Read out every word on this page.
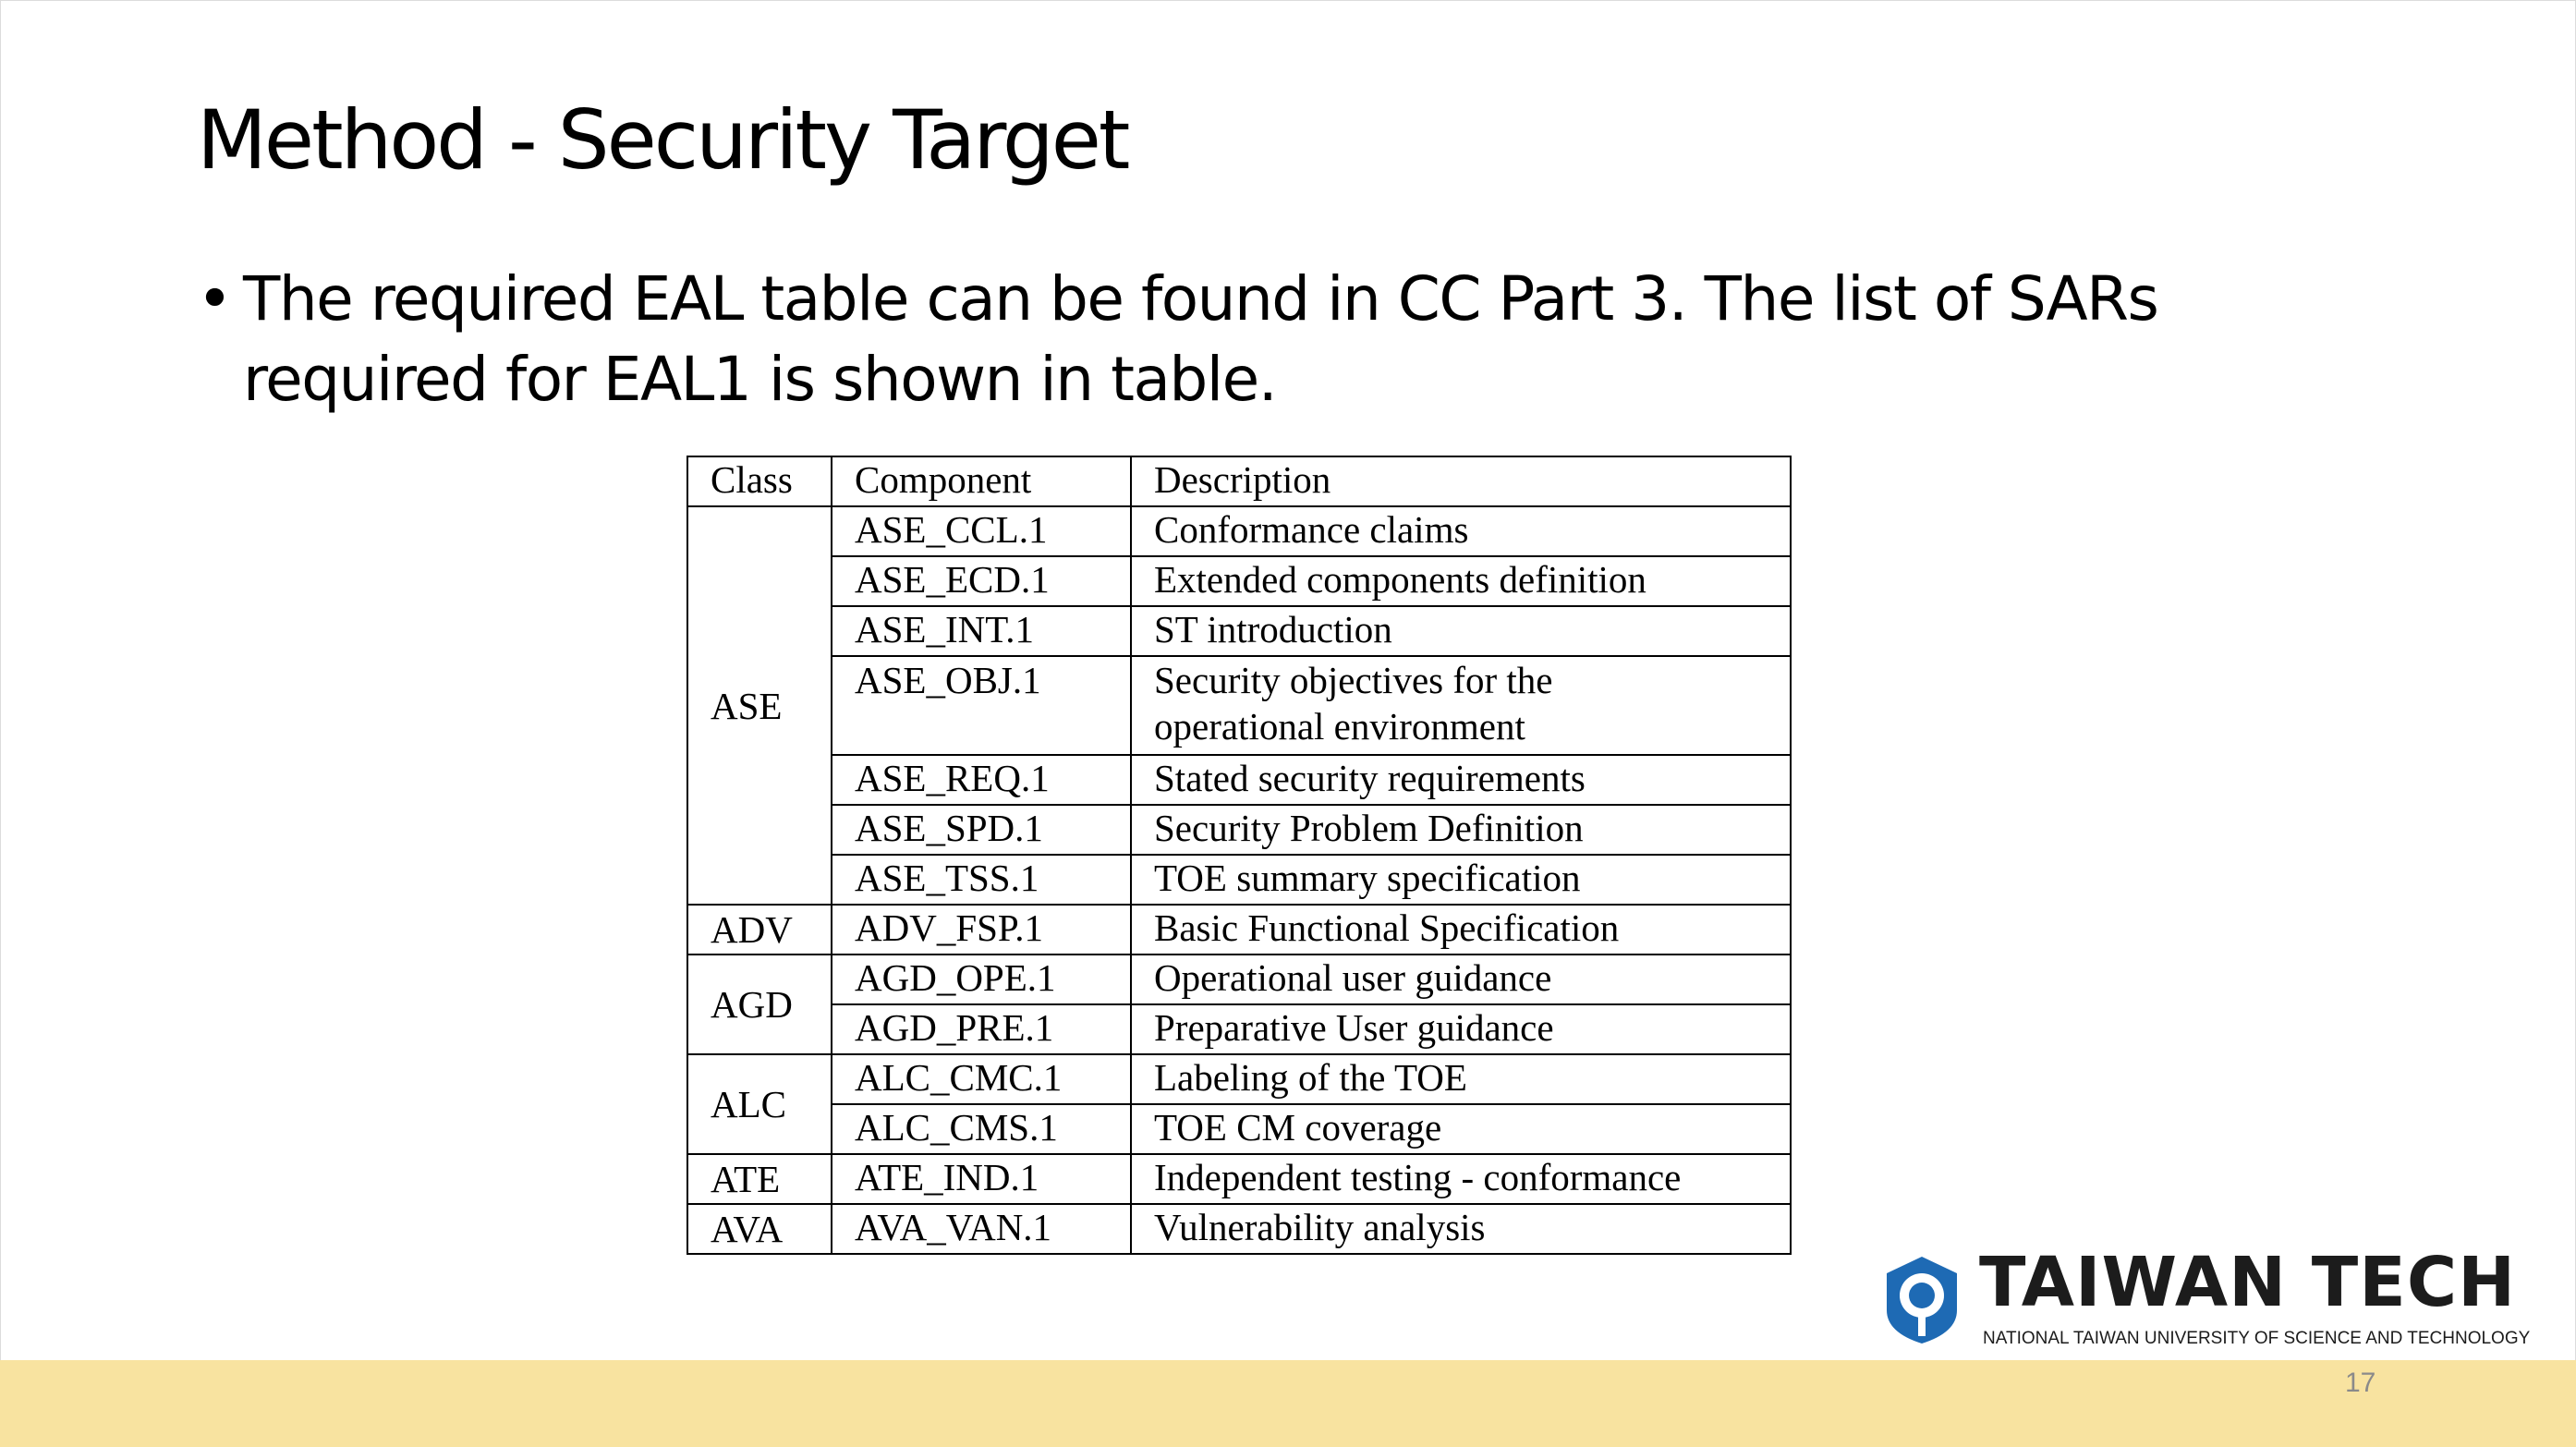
Method - Security Target
• The required EAL table can be found in CC Part 3. The list of SARs required for EAL1 is shown in table.
Class	Component	Description
ASE	ASE_CCL.1	Conformance claims
	ASE_ECD.1	Extended components definition
	ASE_INT.1	ST introduction
	ASE_OBJ.1	Security objectives for the
operational environment
	ASE_REQ.1	Stated security requirements
	ASE_SPD.1	Security Problem Definition
	ASE_TSS.1	TOE summary specification
ADV	ADV_FSP.1	Basic Functional Specification
AGD	AGD_OPE.1	Operational user guidance
	AGD_PRE.1	Preparative User guidance
ALC	ALC_CMC.1	Labeling of the TOE
	ALC_CMS.1	TOE CM coverage
ATE	ATE_IND.1	Independent testing - conformance
AVA	AVA_VAN.1	Vulnerability analysis
TAIWAN TECH
NATIONAL TAIWAN UNIVERSITY OF SCIENCE AND TECHNOLOGY
17
